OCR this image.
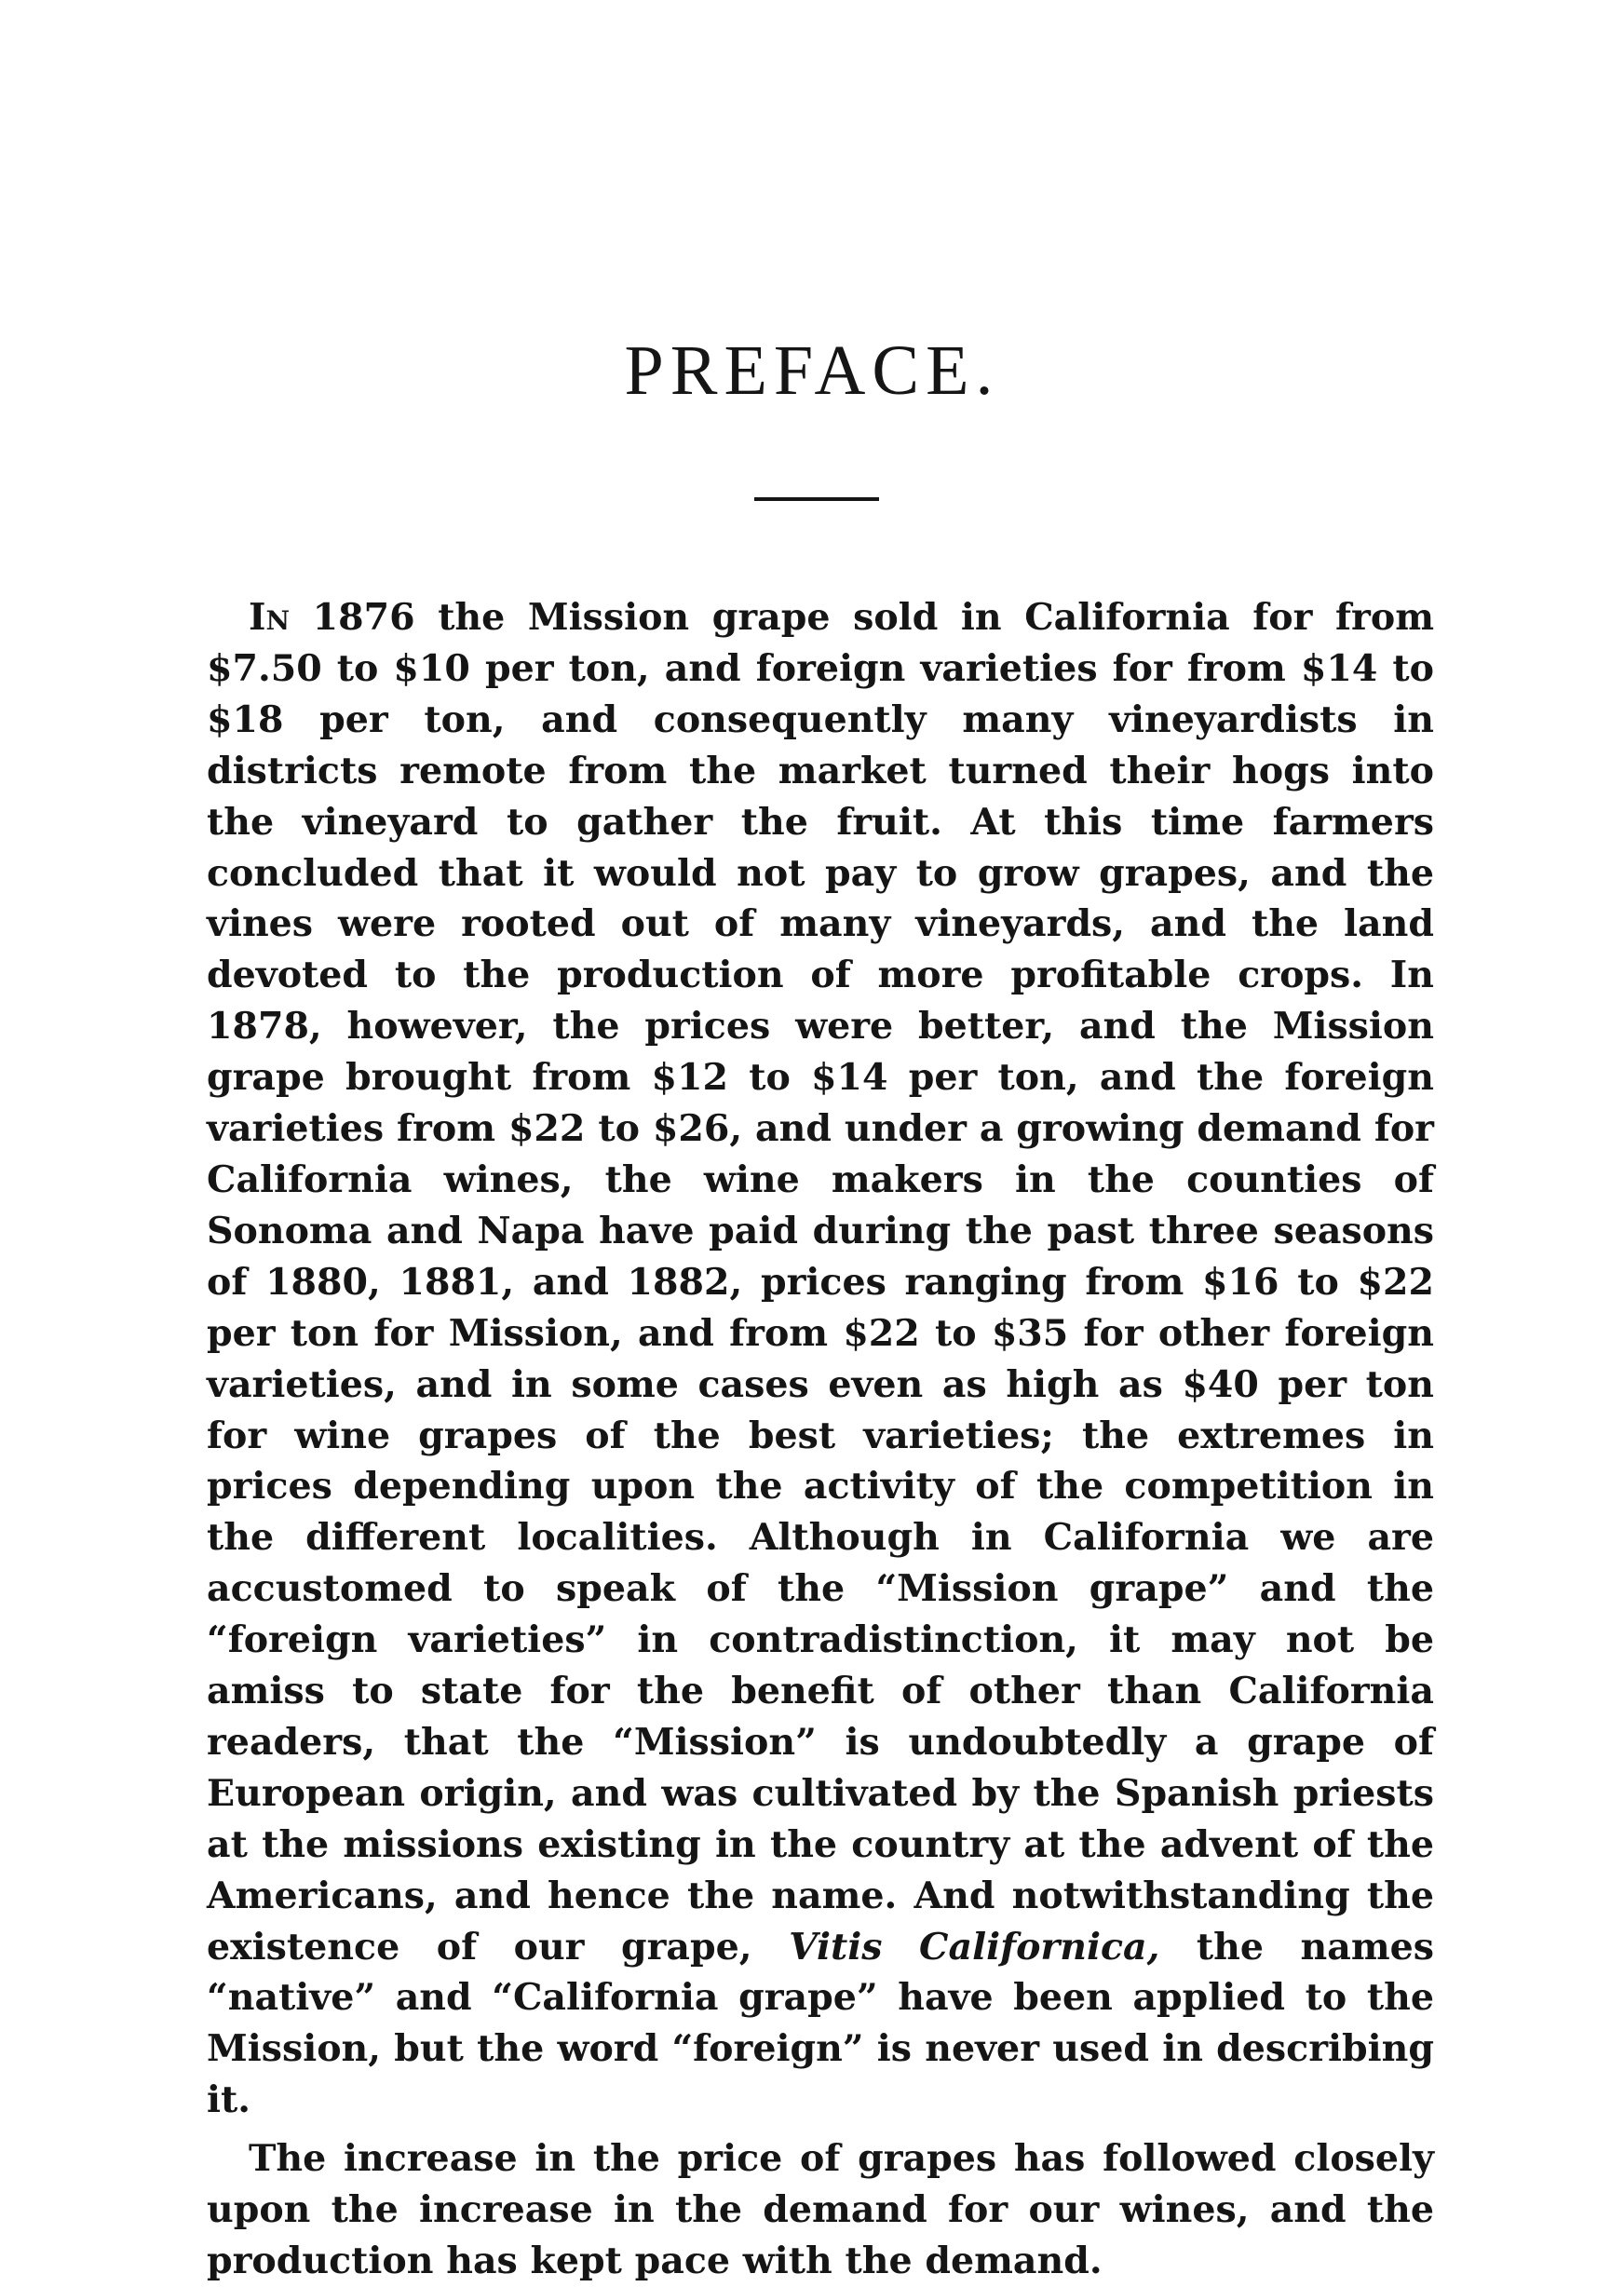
PREFACE.

In 1876 the Mission grape sold in California for from $7.50 to $10 per ton, and foreign varieties for from $14 to $18 per ton, and consequently many vineyardists in districts remote from the market turned their hogs into the vineyard to gather the fruit. At this time farmers concluded that it would not pay to grow grapes, and the vines were rooted out of many vineyards, and the land devoted to the production of more profitable crops. In 1878, however, the prices were better, and the Mission grape brought from $12 to $14 per ton, and the foreign varieties from $22 to $26, and under a growing demand for California wines, the wine makers in the counties of Sonoma and Napa have paid during the past three seasons of 1880, 1881, and 1882, prices ranging from $16 to $22 per ton for Mission, and from $22 to $35 for other foreign varieties, and in some cases even as high as $40 per ton for wine grapes of the best varieties; the extremes in prices depending upon the activity of the competition in the different localities. Although in California we are accustomed to speak of the “Mission grape” and the “foreign varieties” in contradistinction, it may not be amiss to state for the benefit of other than California readers, that the “Mission” is undoubtedly a grape of European origin, and was cultivated by the Spanish priests at the missions existing in the country at the advent of the Americans, and hence the name. And notwithstanding the existence of our grape, Vitis Californica, the names “native” and “California grape” have been applied to the Mission, but the word “foreign” is never used in describing it.

The increase in the price of grapes has followed closely upon the increase in the demand for our wines, and the production has kept pace with the demand.
